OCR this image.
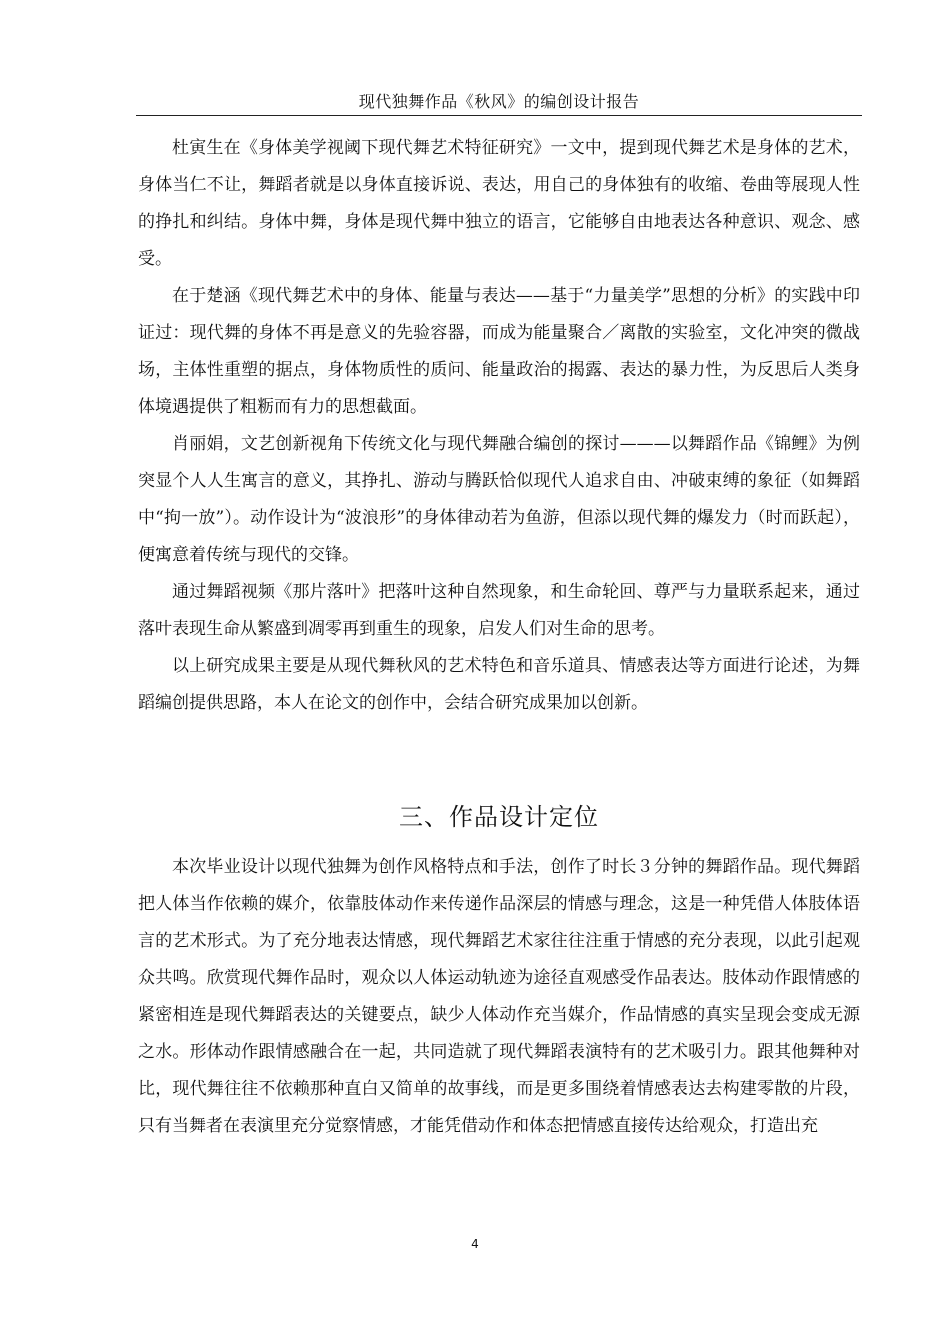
现代独舞作品《秋风》的编创设计报告

杜寅生在《身体美学视阈下现代舞艺术特征研究》一文中，提到现代舞艺术是身体的艺术，身体当仁不让，舞蹈者就是以身体直接诉说、表达，用自己的身体独有的收缩、卷曲等展现人性的挣扎和纠结。身体中舞，身体是现代舞中独立的语言，它能够自由地表达各种意识、观念、感受。

在于楚涵《现代舞艺术中的身体、能量与表达——基于“力量美学”思想的分析》的实践中印证过：现代舞的身体不再是意义的先验容器，而成为能量聚合／离散的实验室，文化冲突的微战场，主体性重塑的据点，身体物质性的质问、能量政治的揭露、表达的暴力性，为反思后人类身体境遇提供了粗粝而有力的思想截面。

肖丽娟，文艺创新视角下传统文化与现代舞融合编创的探讨———以舞蹈作品《锦鲤》为例突显个人人生寓言的意义，其挣扎、游动与腾跃恰似现代人追求自由、冲破束缚的象征（如舞蹈中“拘一放”）。动作设计为“波浪形”的身体律动若为鱼游，但添以现代舞的爆发力（时而跃起），便寓意着传统与现代的交锋。

通过舞蹈视频《那片落叶》把落叶这种自然现象，和生命轮回、尊严与力量联系起来，通过落叶表现生命从繁盛到凋零再到重生的现象，启发人们对生命的思考。

以上研究成果主要是从现代舞秋风的艺术特色和音乐道具、情感表达等方面进行论述，为舞蹈编创提供思路，本人在论文的创作中，会结合研究成果加以创新。

三、作品设计定位

本次毕业设计以现代独舞为创作风格特点和手法，创作了时长３分钟的舞蹈作品。现代舞蹈把人体当作依赖的媒介，依靠肢体动作来传递作品深层的情感与理念，这是一种凭借人体肢体语言的艺术形式。为了充分地表达情感，现代舞蹈艺术家往往注重于情感的充分表现，以此引起观众共鸣。欣赏现代舞作品时，观众以人体运动轨迹为途径直观感受作品表达。肢体动作跟情感的紧密相连是现代舞蹈表达的关键要点，缺少人体动作充当媒介，作品情感的真实呈现会变成无源之水。形体动作跟情感融合在一起，共同造就了现代舞蹈表演特有的艺术吸引力。跟其他舞种对比，现代舞往往不依赖那种直白又简单的故事线，而是更多围绕着情感表达去构建零散的片段，只有当舞者在表演里充分觉察情感，才能凭借动作和体态把情感直接传达给观众，打造出充

4
